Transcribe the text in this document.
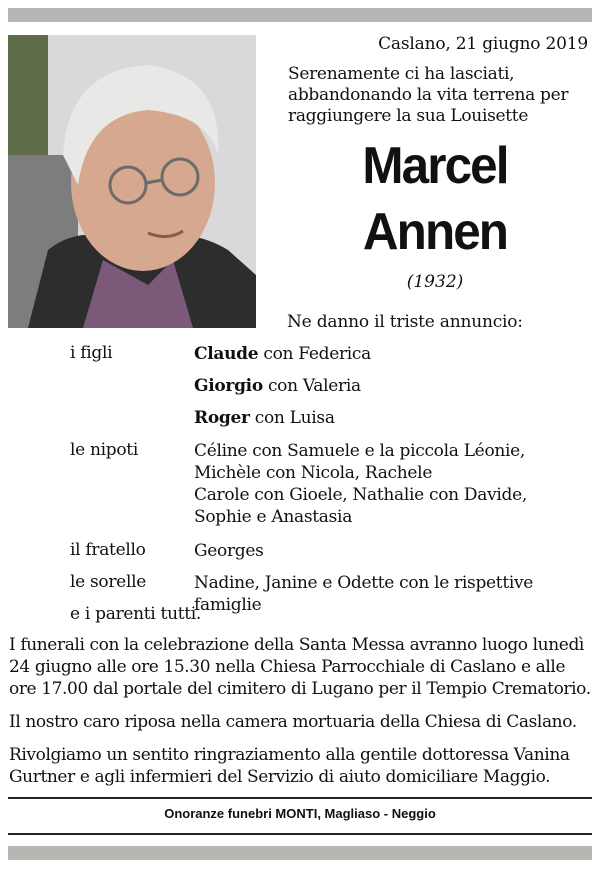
Caslano, 21 giugno 2019
Serenamente ci ha lasciati, abbandonando la vita terrena per raggiungere la sua Louisette
Marcel
Annen
(1932)
Ne danno il triste annuncio:
i figli	Claude con Federica
Giorgio con Valeria
Roger con Luisa
le nipoti	Céline con Samuele e la piccola Léonie,
Michèle con Nicola, Rachele
Carole con Gioele, Nathalie con Davide,
Sophie e Anastasia
il fratello	Georges
le sorelle	Nadine, Janine e Odette con le rispettive famiglie
e i parenti tutti.
I funerali con la celebrazione della Santa Messa avranno luogo lunedì 24 giugno alle ore 15.30 nella Chiesa Parrocchiale di Caslano e alle ore 17.00 dal portale del cimitero di Lugano per il Tempio Crematorio.
Il nostro caro riposa nella camera mortuaria della Chiesa di Caslano.
Rivolgiamo un sentito ringraziamento alla gentile dottoressa Vanina Gurtner e agli infermieri del Servizio di aiuto domiciliare Maggio.
Onoranze funebri MONTI, Magliaso - Neggio
